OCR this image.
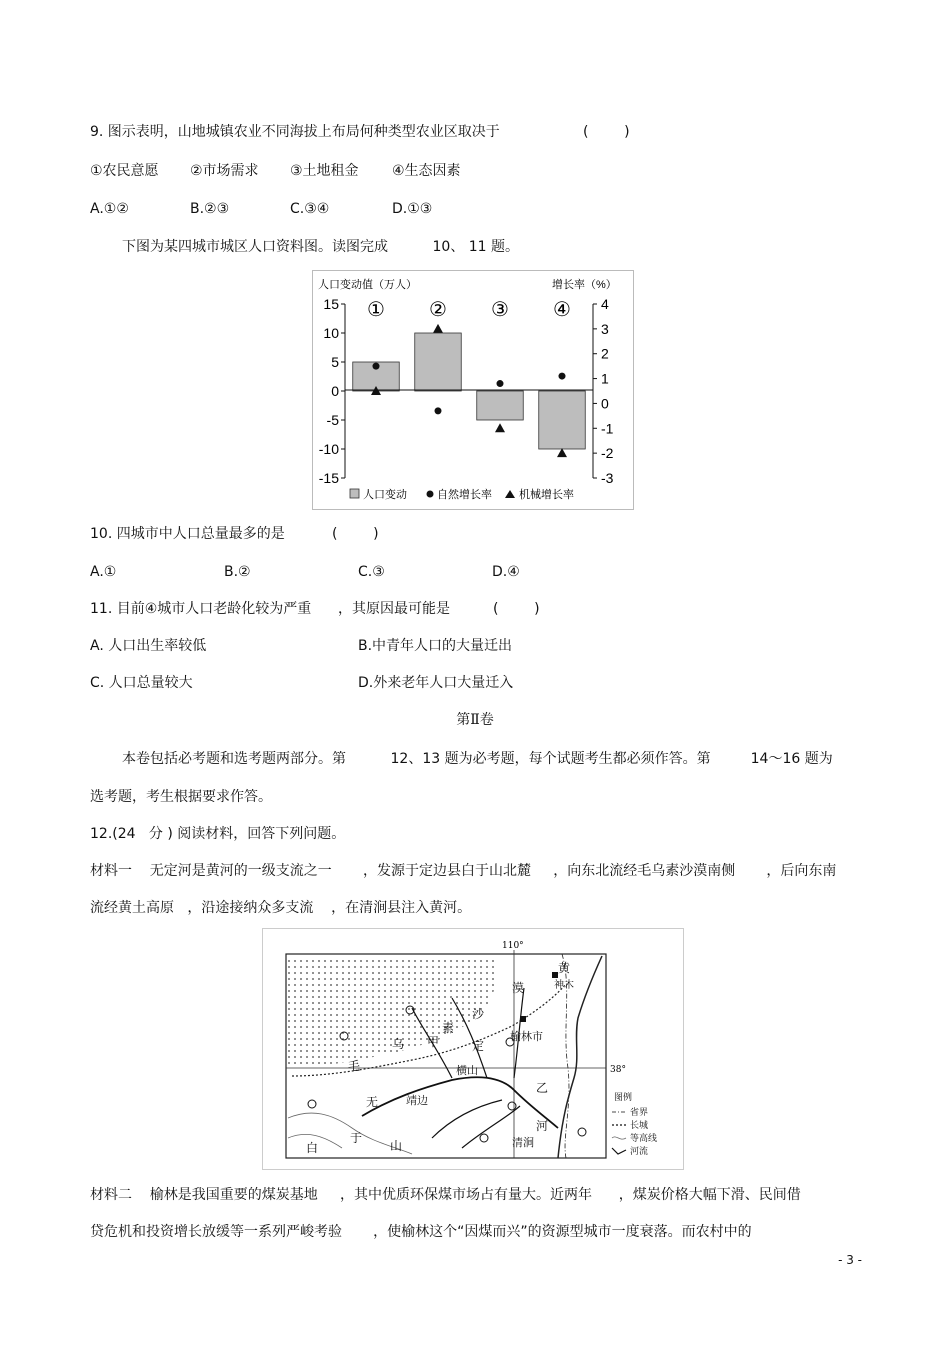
9. 图示表明，山地城镇农业不同海拔上布局何种类型农业区取决于	(        )
①农民意愿 ②市场需求 ③土地租金 ④生态因素
A.①②	B.②③	C.③④	D.①③
下图为某四城市城区人口资料图。读图完成          10、 11 题。
人口变动值（万人）	增长率（%）
15
10
5
0
-5
-10
-15
4
3
2
1
0
-1
-2
-3
① ② ③ ④
人口变动	自然增长率 机械增长率
10. 四城市中人口总量最多的是	(        )
A.①	B.②	C.③	D.④
11. 目前④城市人口老龄化较为严重      ，其原因最可能是	(        )
A. 人口出生率较低	B.中青年人口的大量迁出
C. 人口总量较大	D.外来老年人口大量迁入
第Ⅱ卷
本卷包括必考题和选考题两部分。第          12、13 题为必考题，每个试题考生都必须作答。第         14～16 题为
选考题，考生根据要求作答。
12.(24   分 ) 阅读材料，回答下列问题。
材料一    无定河是黄河的一级支流之一       ，发源于定边县白于山北麓     ，向东北流经毛乌素沙漠南侧       ，后向东南
流经黄土高原   ，沿途接纳众多支流    ，在清涧县注入黄河。
110°
38°
漠
黄
神木
沙
素
榆林市
乌 甲	定
毛	横山
无	靖边
乙
河
白
于
山	清涧
图例
省界
长城
等高线
河流
材料二    榆林是我国重要的煤炭基地     ，其中优质环保煤市场占有量大。近两年      ，煤炭价格大幅下滑、民间借
贷危机和投资增长放缓等一系列严峻考验       ，使榆林这个“因煤而兴”的资源型城市一度衰落。而农村中的
- 3 -
